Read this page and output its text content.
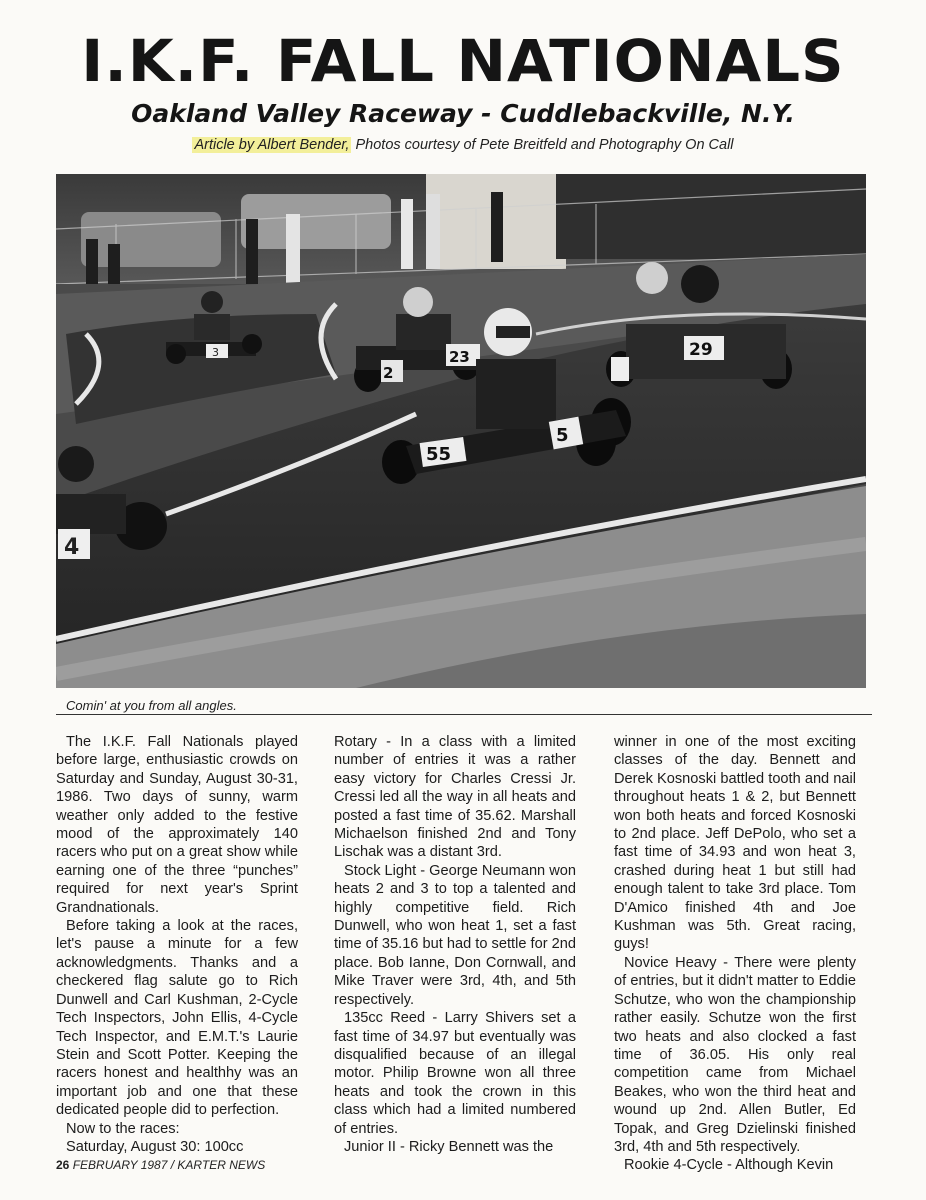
I.K.F. FALL NATIONALS
Oakland Valley Raceway - Cuddlebackville, N.Y.
Article by Albert Bender, Photos courtesy of Pete Breitfeld and Photography On Call
4
3
2
23
55
5
29
Comin' at you from all angles.

The I.K.F. Fall Nationals played before large, enthusiastic crowds on Saturday and Sunday, August 30-31, 1986. Two days of sunny, warm weather only added to the festive mood of the approximately 140 racers who put on a great show while earning one of the three “punches” required for next year's Sprint Grandnationals.

Before taking a look at the races, let's pause a minute for a few acknowledgments. Thanks and a checkered flag salute go to Rich Dunwell and Carl Kushman, 2-Cycle Tech Inspectors, John Ellis, 4-Cycle Tech Inspector, and E.M.T.'s Laurie Stein and Scott Potter. Keeping the racers honest and healthhy was an important job and one that these dedicated people did to perfection.

Now to the races:

Saturday, August 30: 100cc

Rotary - In a class with a limited number of entries it was a rather easy victory for Charles Cressi Jr. Cressi led all the way in all heats and posted a fast time of 35.62. Marshall Michaelson finished 2nd and Tony Lischak was a distant 3rd.

Stock Light - George Neumann won heats 2 and 3 to top a talented and highly competitive field. Rich Dunwell, who won heat 1, set a fast time of 35.16 but had to settle for 2nd place. Bob Ianne, Don Cornwall, and Mike Traver were 3rd, 4th, and 5th respectively.

135cc Reed - Larry Shivers set a fast time of 34.97 but eventually was disqualified because of an illegal motor. Philip Browne won all three heats and took the crown in this class which had a limited numbered of entries.

Junior II - Ricky Bennett was the

winner in one of the most exciting classes of the day. Bennett and Derek Kosnoski battled tooth and nail throughout heats 1 & 2, but Bennett won both heats and forced Kosnoski to 2nd place. Jeff DePolo, who set a fast time of 34.93 and won heat 3, crashed during heat 1 but still had enough talent to take 3rd place. Tom D'Amico finished 4th and Joe Kushman was 5th. Great racing, guys!

Novice Heavy - There were plenty of entries, but it didn't matter to Eddie Schutze, who won the championship rather easily. Schutze won the first two heats and also clocked a fast time of 36.05. His only real competition came from Michael Beakes, who won the third heat and wound up 2nd. Allen Butler, Ed Topak, and Greg Dzielinski finished 3rd, 4th and 5th respectively.

Rookie 4-Cycle - Although Kevin

26 FEBRUARY 1987 / KARTER NEWS
